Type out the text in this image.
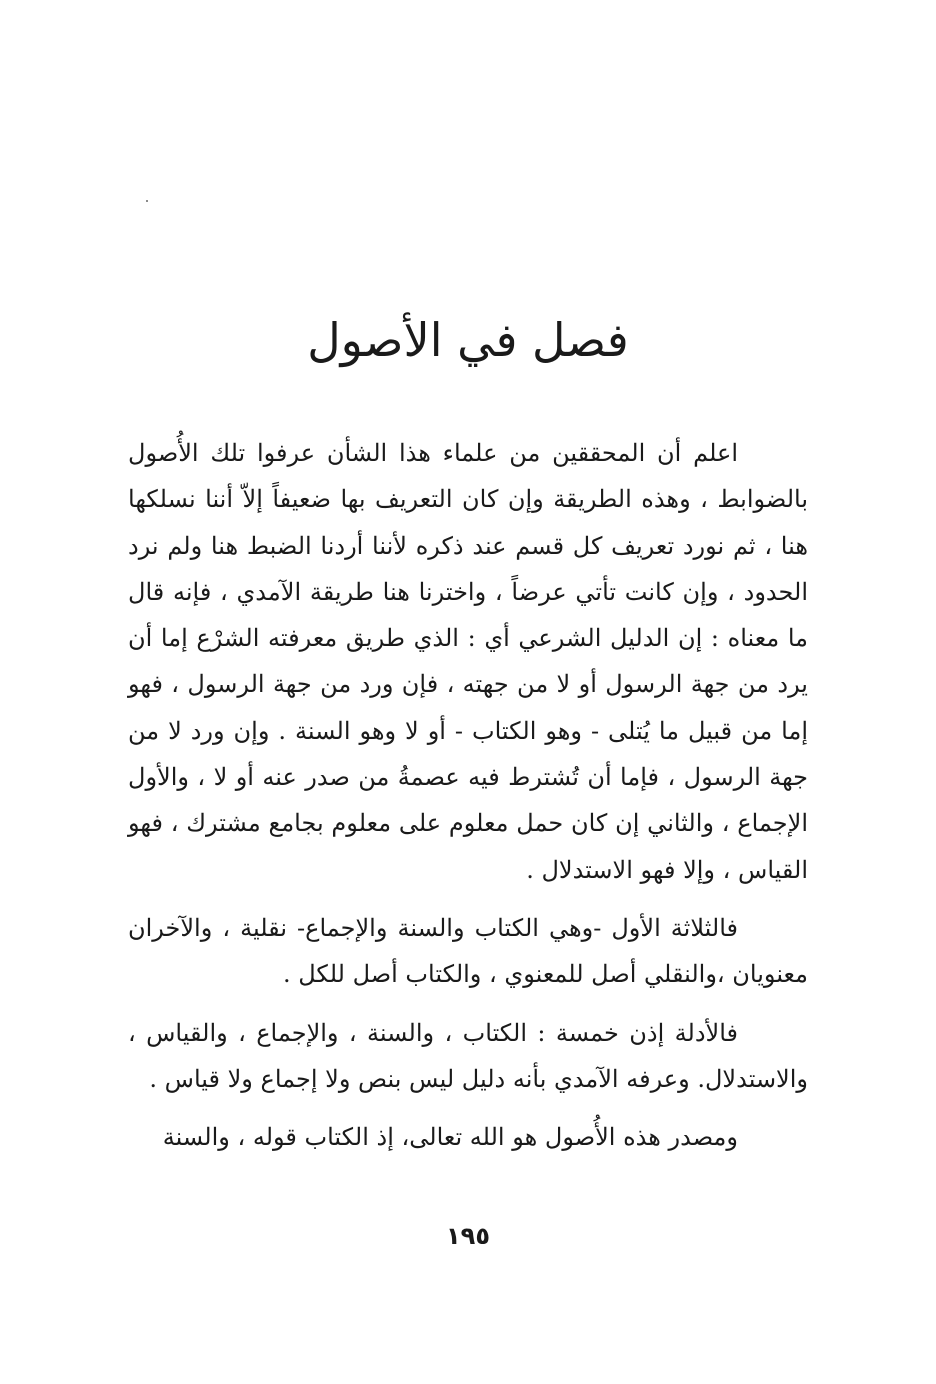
فصل في الأصول

اعلم أن المحققين من علماء هذا الشأن عرفوا تلك الأُصول بالضوابط ، وهذه الطريقة وإن كان التعريف بها ضعيفاً إلاّ أننا نسلكها هنا ، ثم نورد تعريف كل قسم عند ذكره لأننا أردنا الضبط هنا ولم نرد الحدود ، وإن كانت تأتي عرضاً ، واخترنا هنا طريقة الآمدي ، فإنه قال ما معناه : إن الدليل الشرعي أي : الذي طريق معرفته الشرْع إما أن يرد من جهة الرسول أو لا من جهته ، فإن ورد من جهة الرسول ، فهو إما من قبيل ما يُتلى - وهو الكتاب - أو لا وهو السنة . وإن ورد لا من جهة الرسول ، فإما أن تُشترط فيه عصمةُ من صدر عنه أو لا ، والأول الإجماع ، والثاني إن كان حمل معلوم على معلوم بجامع مشترك ، فهو القياس ، وإلا فهو الاستدلال .

فالثلاثة الأول -وهي الكتاب والسنة والإجماع- نقلية ، والآخران معنويان ،والنقلي أصل للمعنوي ، والكتاب أصل للكل .

فالأدلة إذن خمسة : الكتاب ، والسنة ، والإجماع ، والقياس ، والاستدلال. وعرفه الآمدي بأنه دليل ليس بنص ولا إجماع ولا قياس .

ومصدر هذه الأُصول هو الله تعالى، إذ الكتاب قوله ، والسنة

١٩٥
